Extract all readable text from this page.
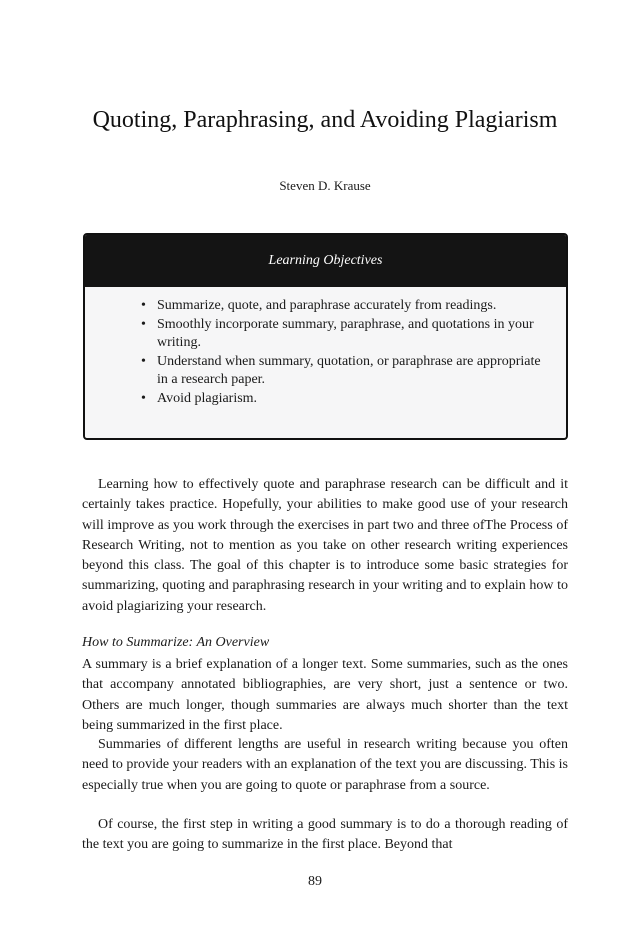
Quoting, Paraphrasing, and Avoiding Plagiarism
Steven D. Krause
Learning Objectives
• Summarize, quote, and paraphrase accurately from readings.
• Smoothly incorporate summary, paraphrase, and quotations in your writing.
• Understand when summary, quotation, or paraphrase are appropriate in a research paper.
• Avoid plagiarism.

Learning how to effectively quote and paraphrase research can be difficult and it certainly takes practice. Hopefully, your abilities to make good use of your research will improve as you work through the exercises in part two and three ofThe Process of Research Writing, not to mention as you take on other research writing experiences beyond this class. The goal of this chapter is to introduce some basic strategies for summarizing, quoting and paraphrasing research in your writing and to explain how to avoid plagiarizing your research.

How to Summarize: An Overview

A summary is a brief explanation of a longer text. Some summaries, such as the ones that accompany annotated bibliographies, are very short, just a sentence or two. Others are much longer, though summaries are always much shorter than the text being summarized in the first place.

Summaries of different lengths are useful in research writing because you often need to provide your readers with an explanation of the text you are discussing. This is especially true when you are going to quote or paraphrase from a source.

Of course, the first step in writing a good summary is to do a thorough reading of the text you are going to summarize in the first place. Beyond that

89
